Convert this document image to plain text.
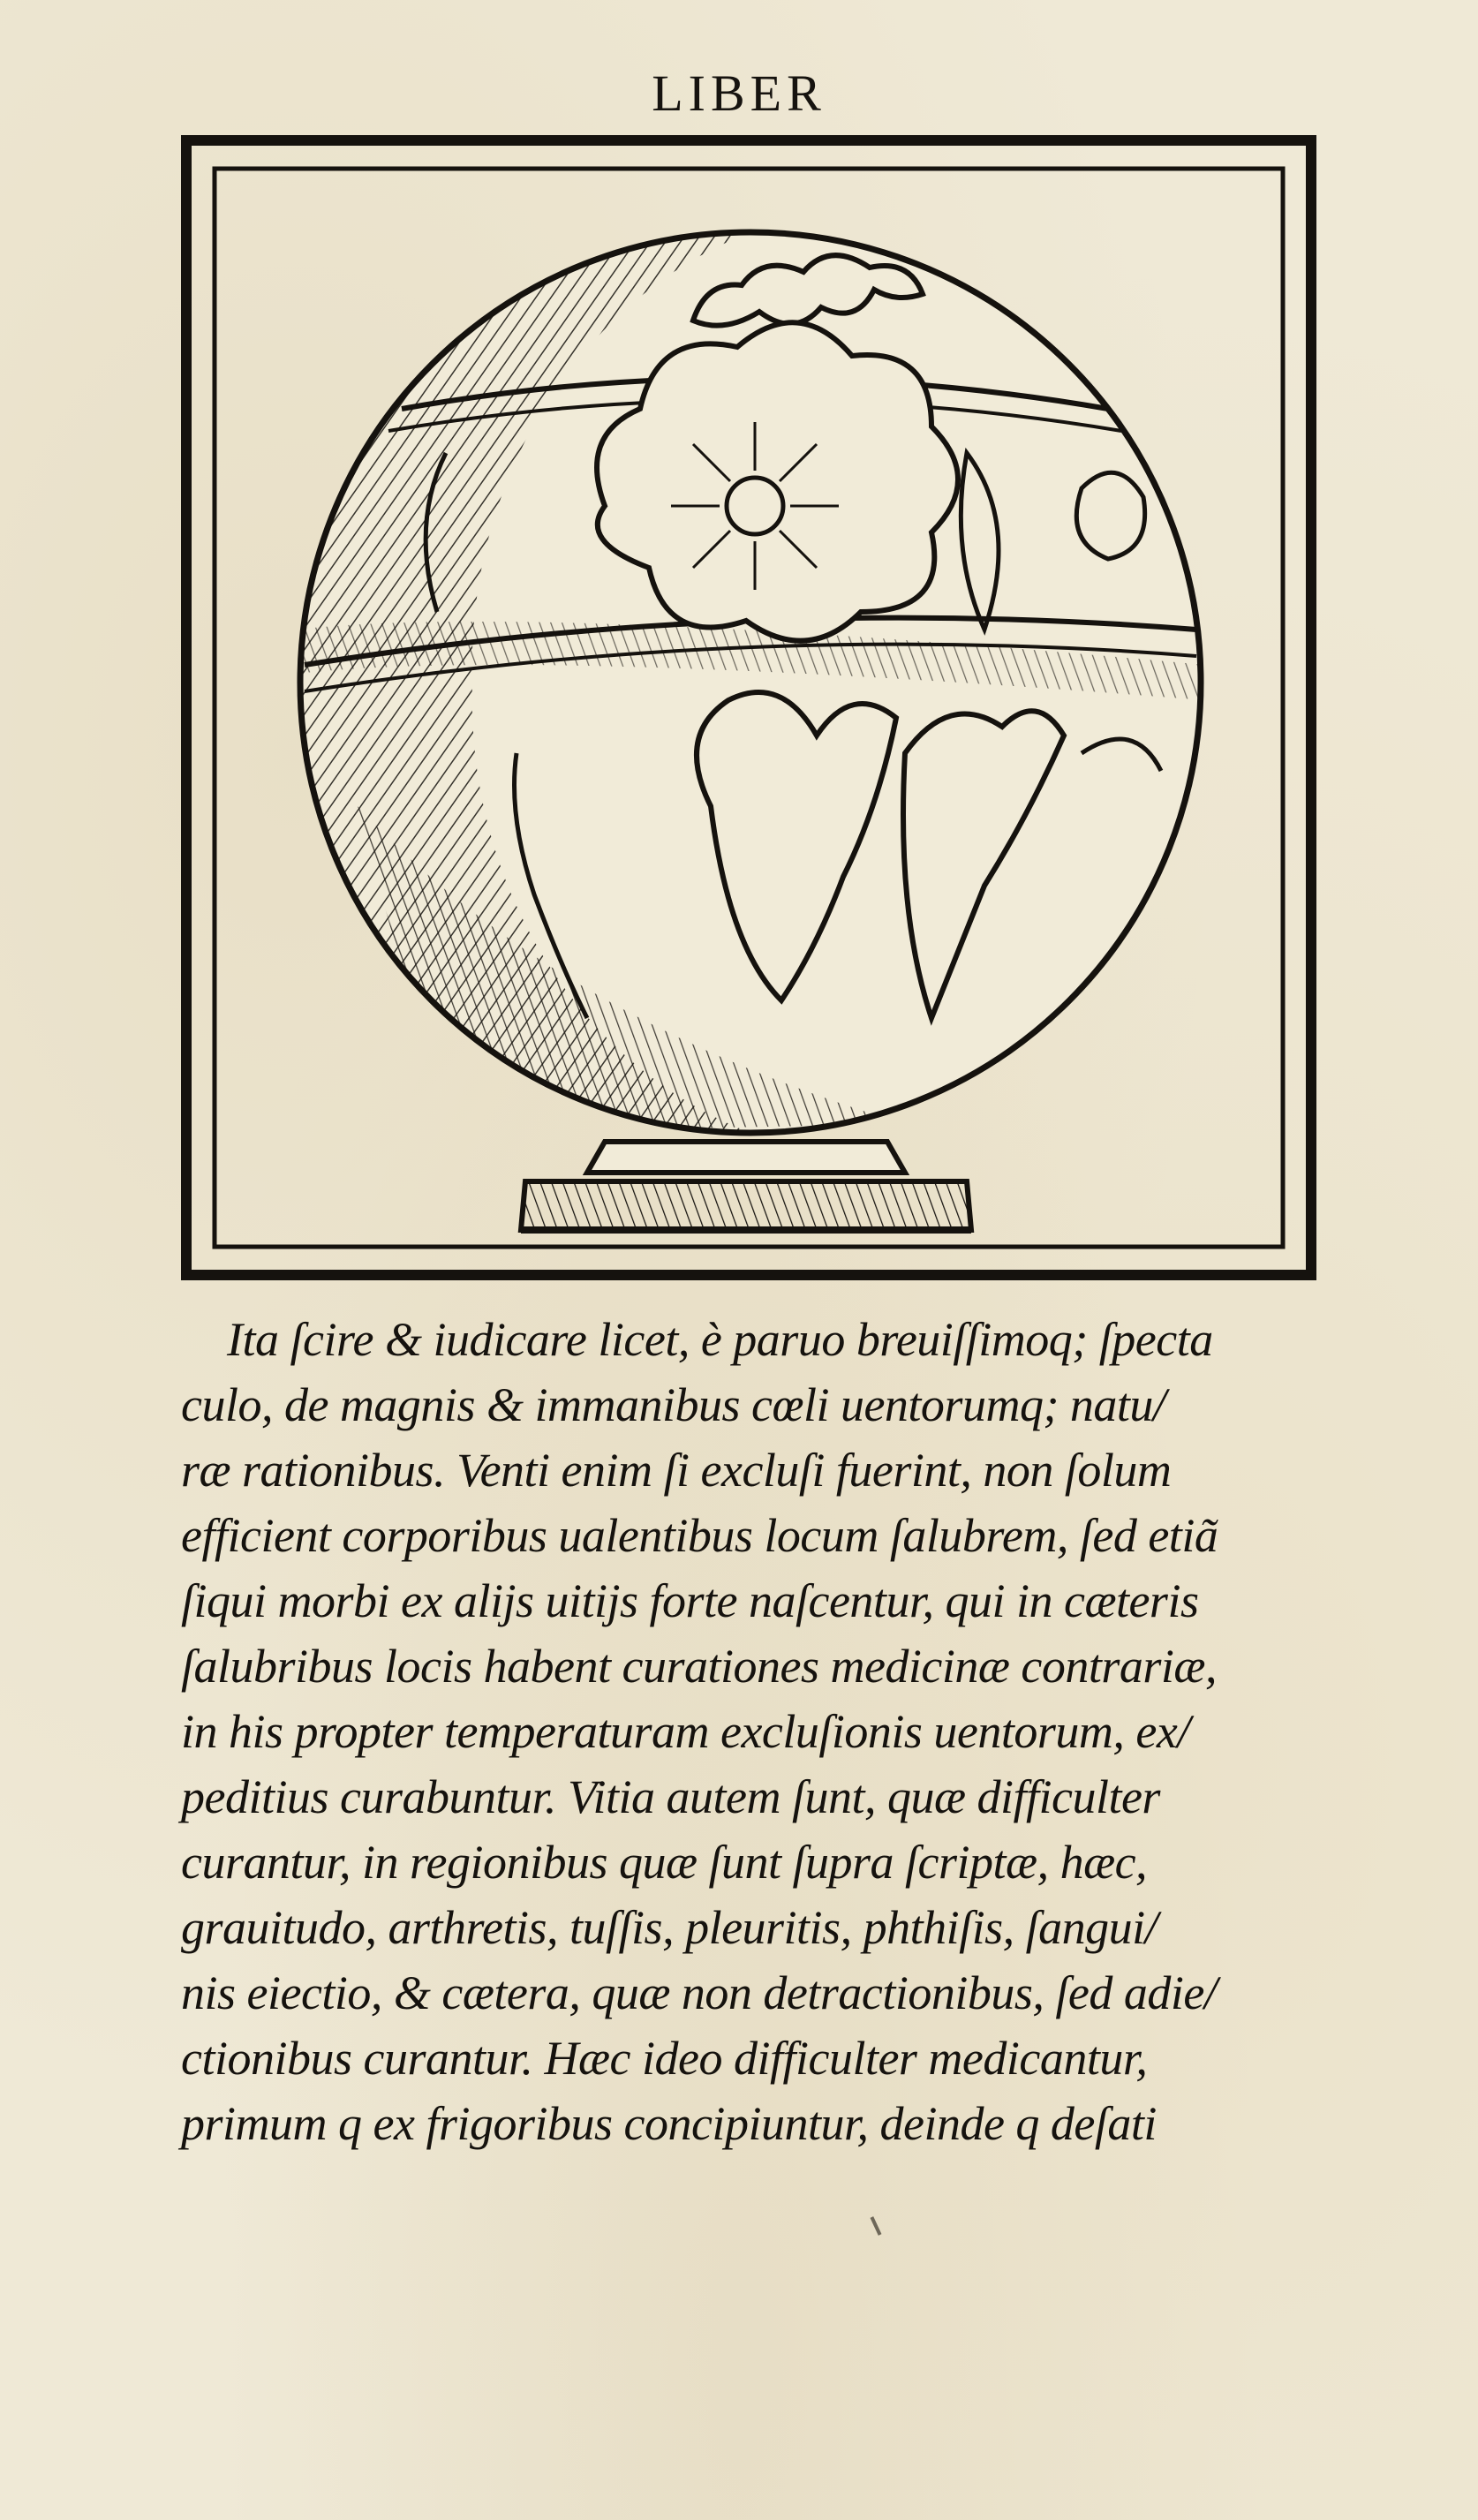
LIBER
Ita ſcire & iudicare licet, è paruo breuiſſimoq; ſpecta
culo, de magnis & immanibus cœli uentorumq; natu/
ræ rationibus. Venti enim ſi excluſi fuerint, non ſolum
efficient corporibus ualentibus locum ſalubrem, ſed etiã
ſiqui morbi ex alijs uitijs forte naſcentur, qui in cæteris
ſalubribus locis habent curationes medicinæ contrariæ,
in his propter temperaturam excluſionis uentorum, ex/
peditius curabuntur. Vitia autem ſunt, quæ difficulter
curantur, in regionibus quæ ſunt ſupra ſcriptæ, hæc,
grauitudo, arthretis, tuſſis, pleuritis, phthiſis, ſangui/
nis eiectio, & cætera, quæ non detractionibus, ſed adie/
ctionibus curantur. Hæc ideo difficulter medicantur,
primum q ex frigoribus concipiuntur, deinde q deſati
